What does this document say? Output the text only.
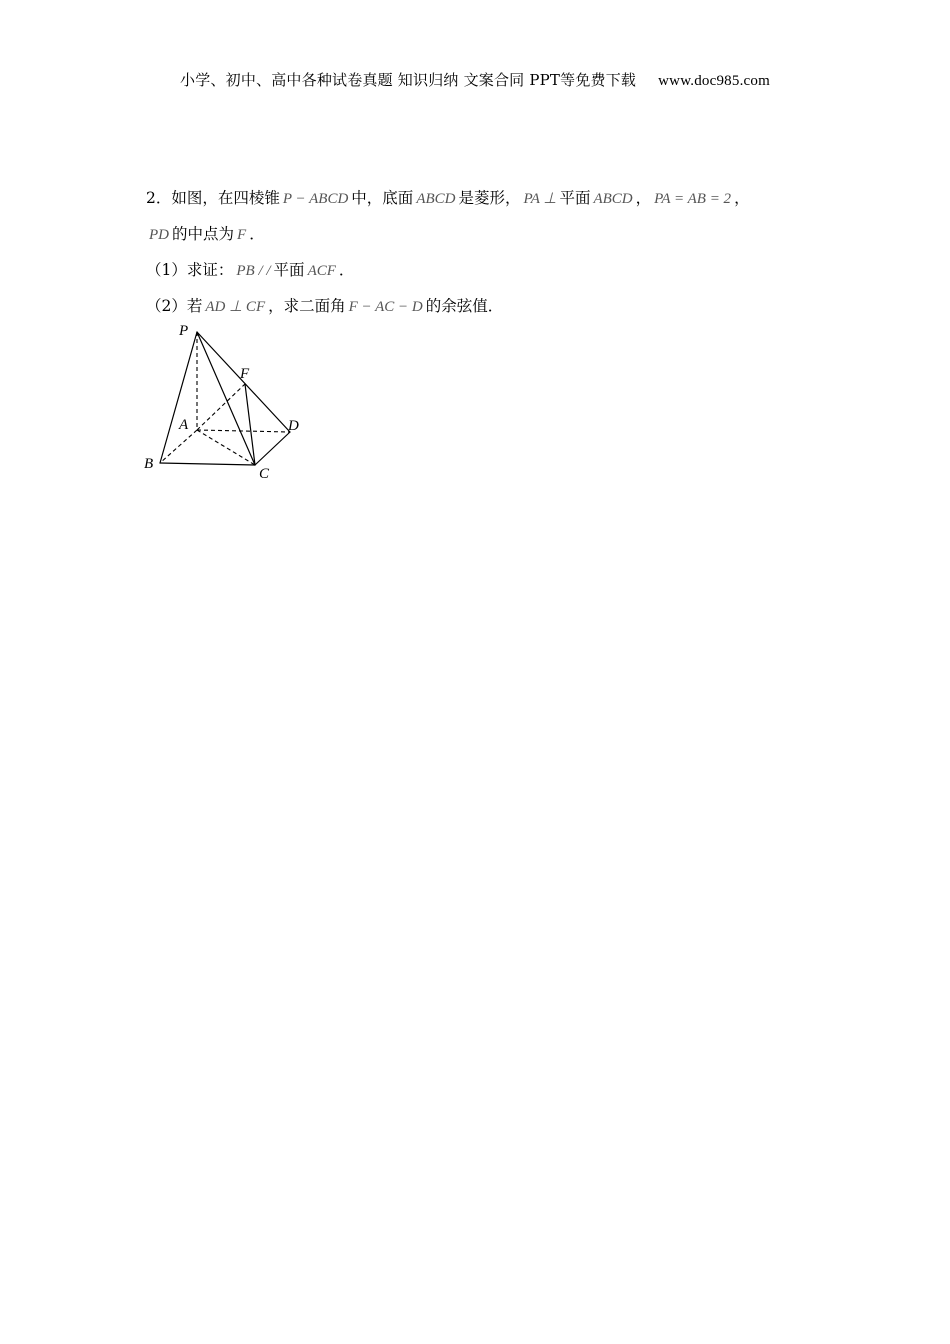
小学、初中、高中各种试卷真题 知识归纳 文案合同 PPT等免费下载 www.doc985.com
2．如图，在四棱锥 P − ABCD 中，底面 ABCD 是菱形， PA ⊥ 平面 ABCD ， PA = AB = 2 ，
PD 的中点为 F ．
（1）求证： PB / / 平面 ACF ．
（2）若 AD ⊥ CF ，求二面角 F − AC − D 的余弦值．
P
F
A	D
B
C
